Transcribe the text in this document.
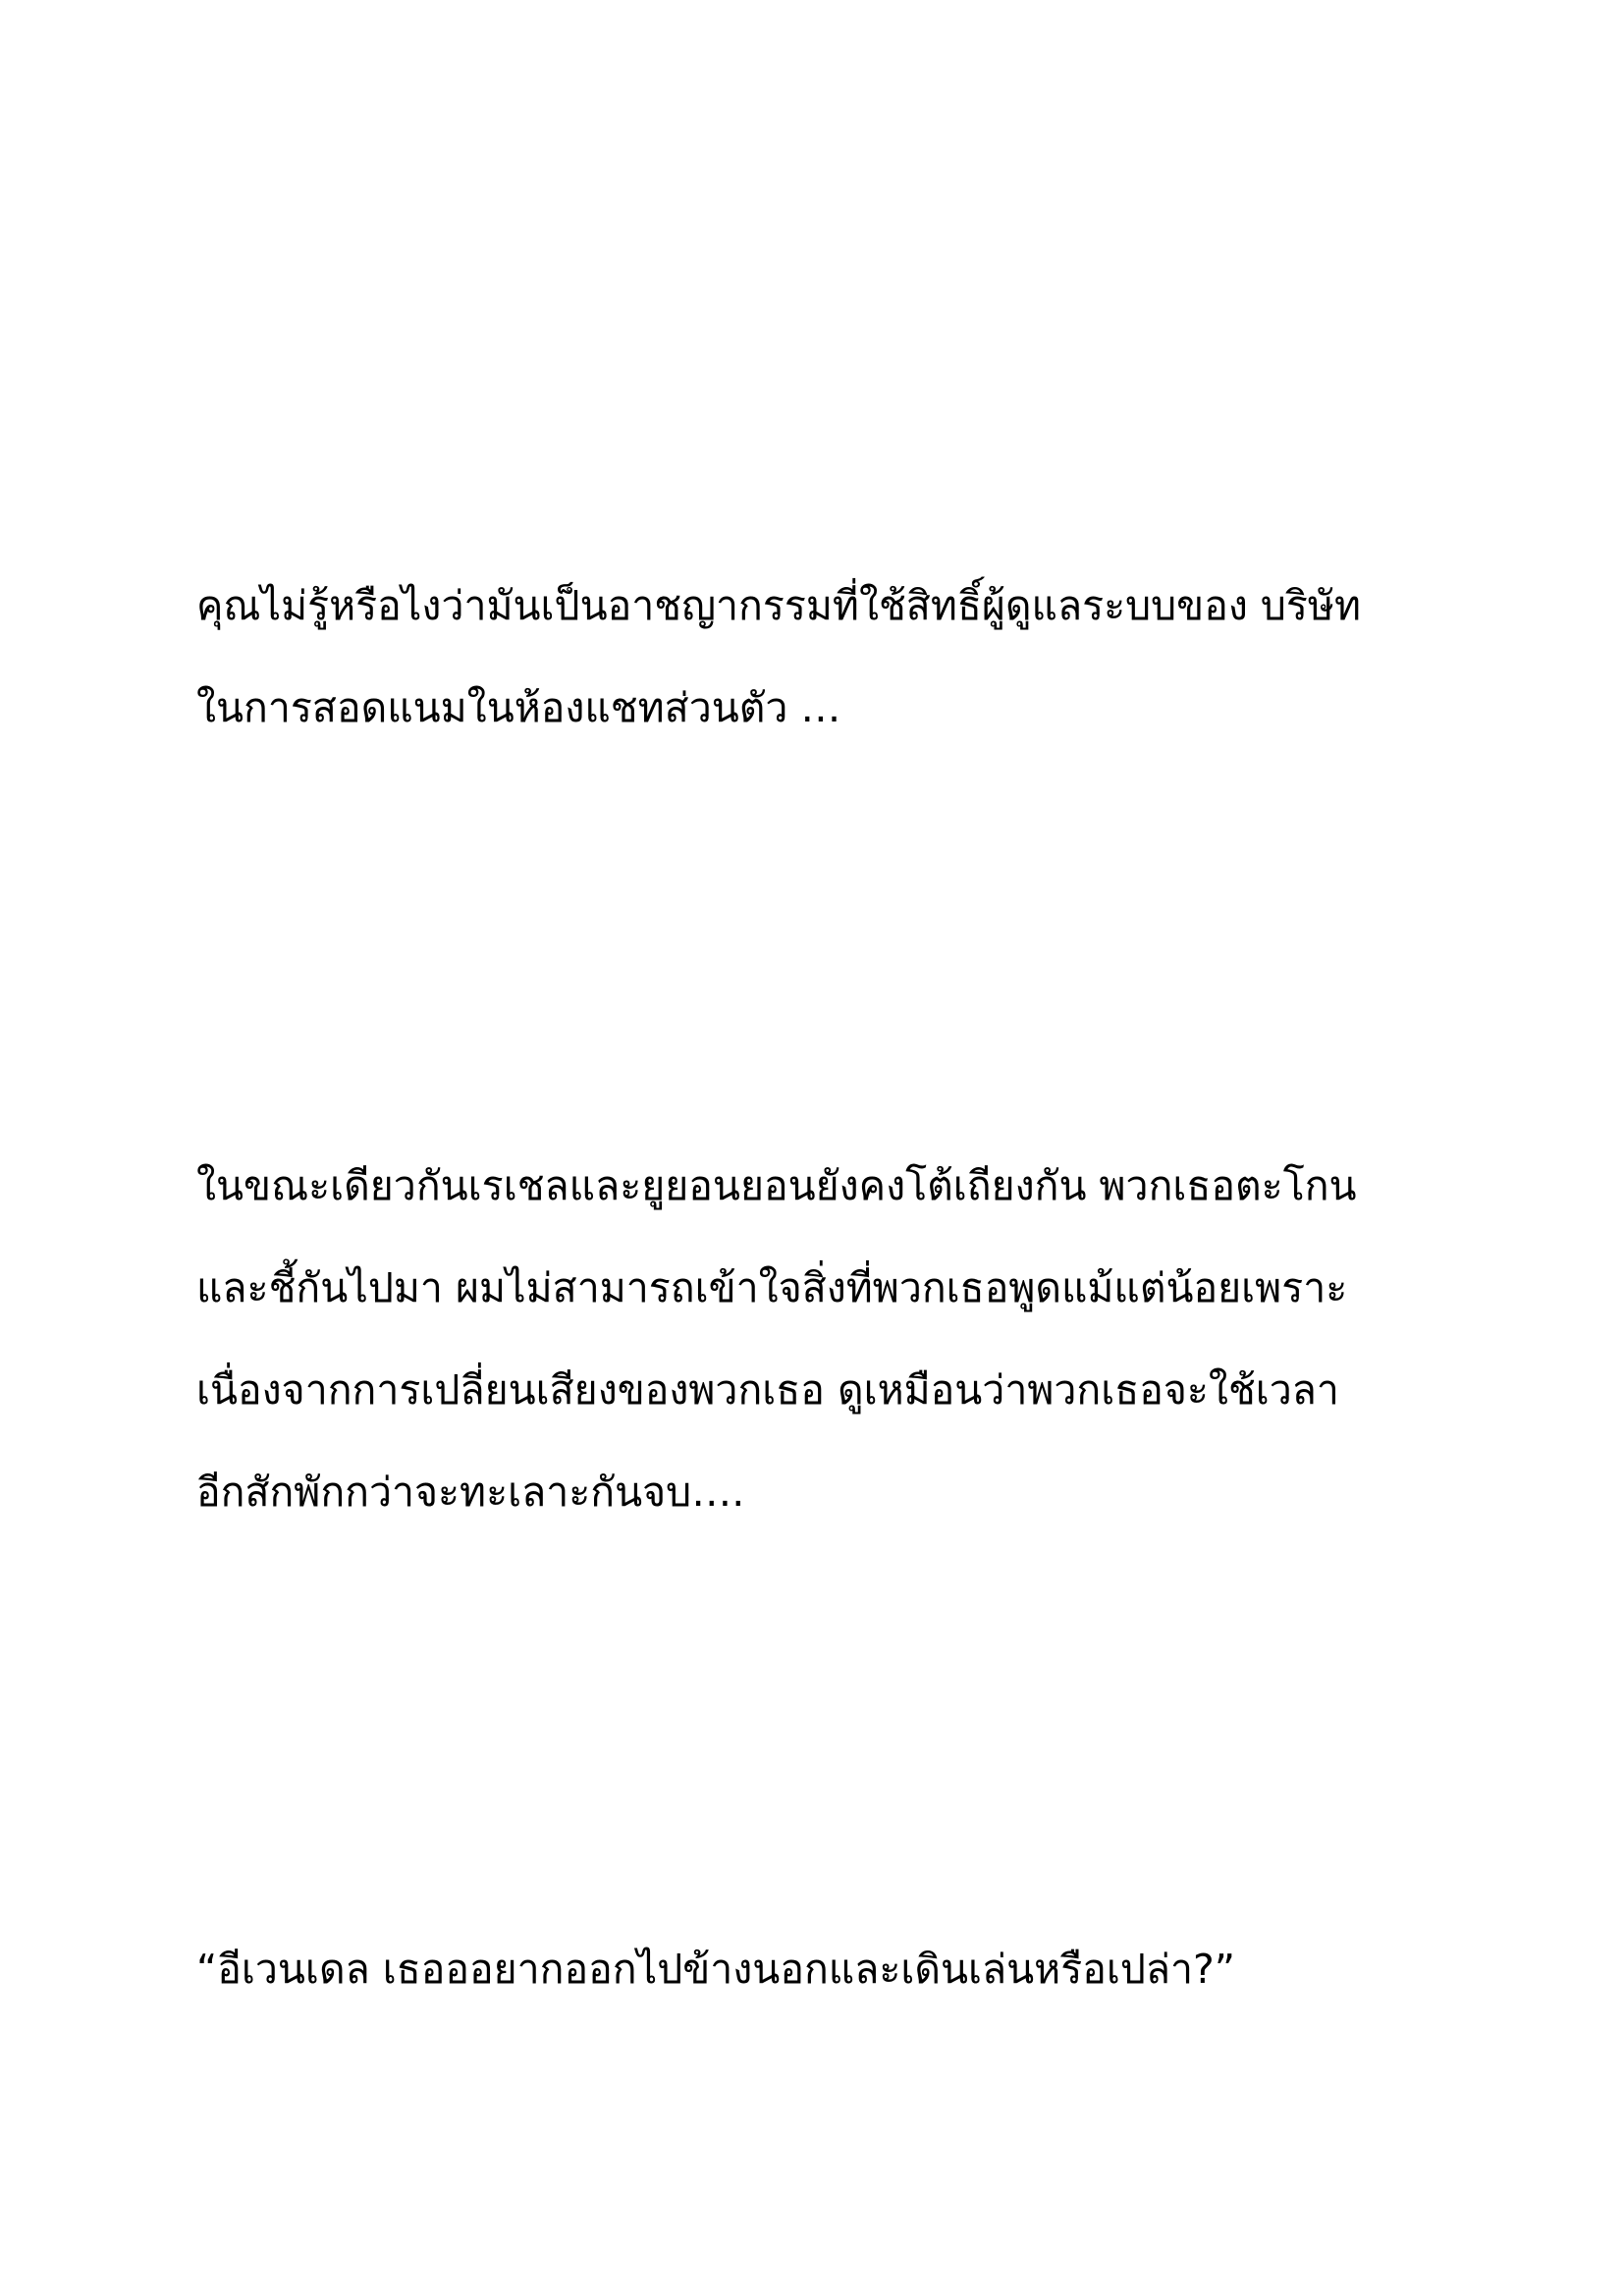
คุณไม่รู้หรือไงว่ามันเป็นอาชญากรรมที่ใช้สิทธิ์ผู้ดูแลระบบของ บริษัท
ในการสอดแนมในห้องแชทส่วนตัว …

ในขณะเดียวกันเรเชลและยูยอนยอนยังคงโต้เถียงกัน พวกเธอตะโกน
และชี้กันไปมา ผมไม่สามารถเข้าใจสิ่งที่พวกเธอพูดแม้แต่น้อยเพราะ
เนื่องจากการเปลี่ยนเสียงของพวกเธอ ดูเหมือนว่าพวกเธอจะใช้เวลา
อีกสักพักกว่าจะทะเลาะกันจบ….

“อีเวนเดล เธอออยากออกไปข้างนอกและเดินเล่นหรือเปล่า?”
